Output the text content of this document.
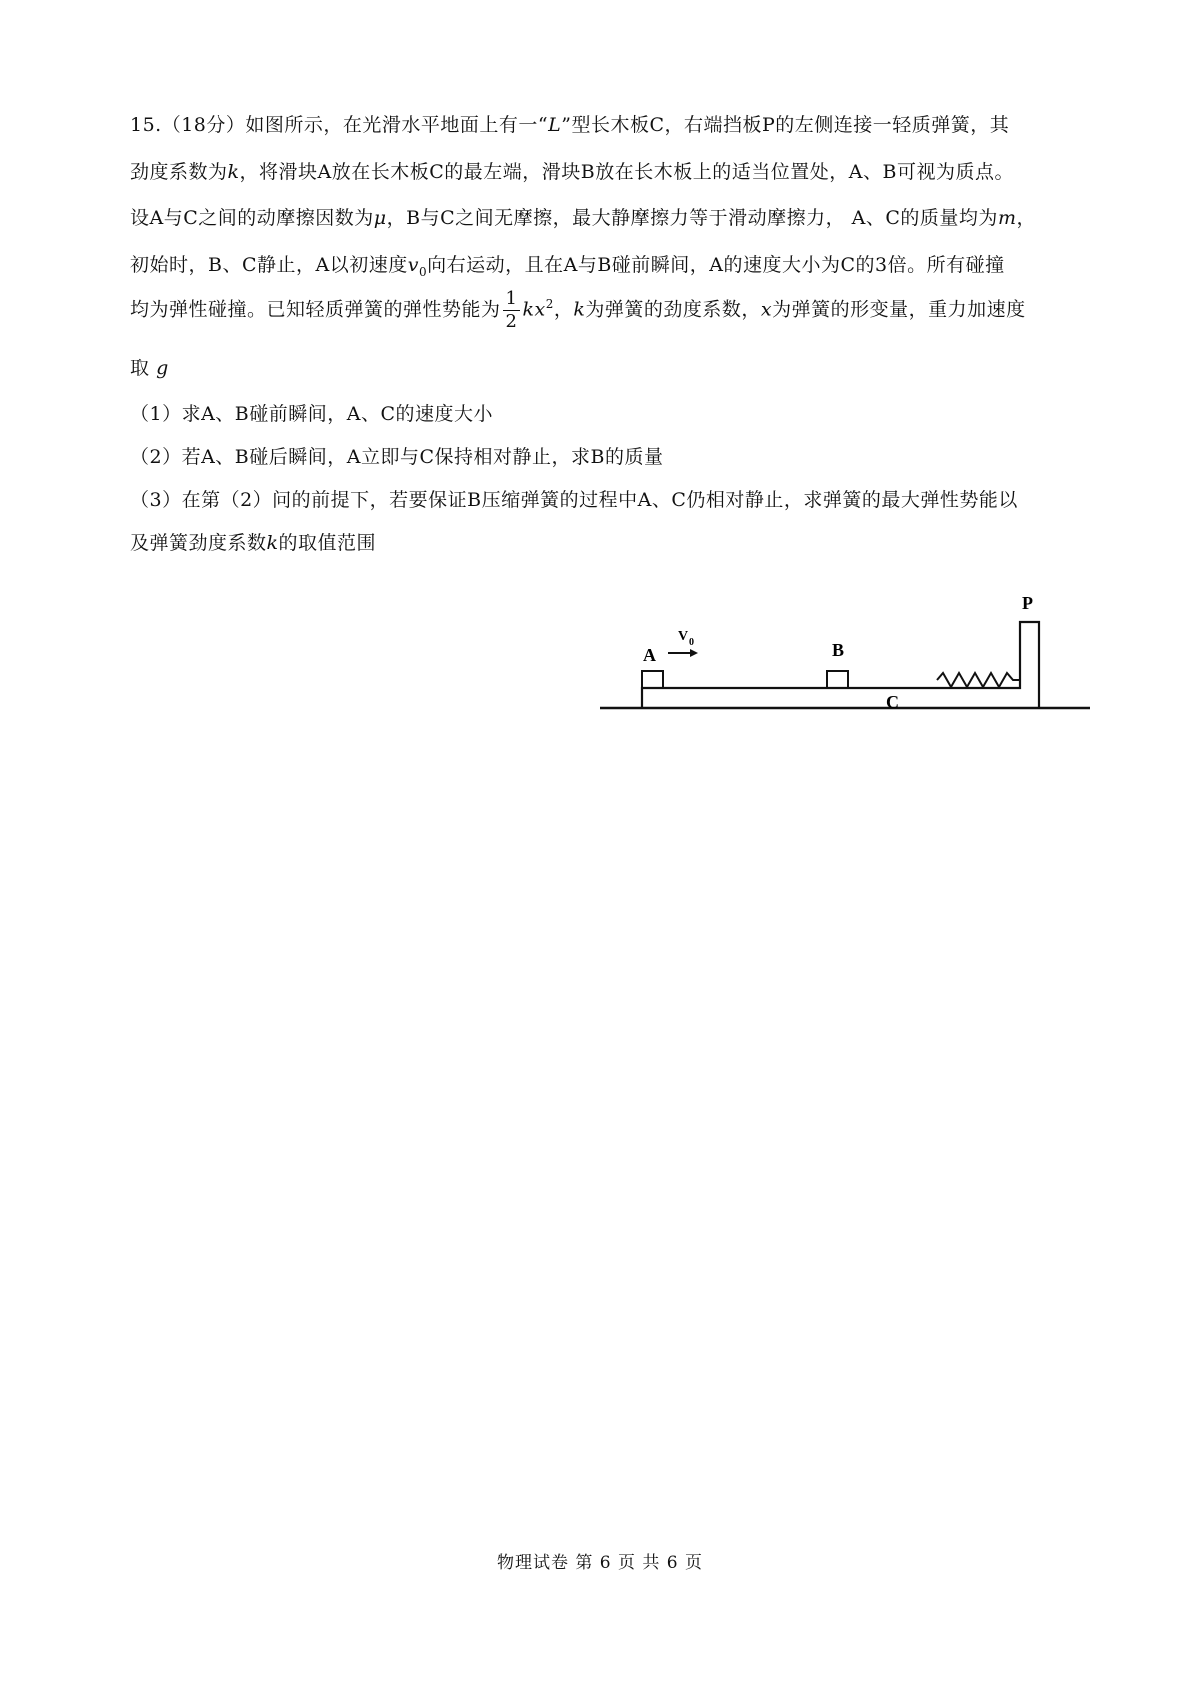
15.（18分）如图所示，在光滑水平地面上有一“L”型长木板C，右端挡板P的左侧连接一轻质弹簧，其
劲度系数为k，将滑块A放在长木板C的最左端，滑块B放在长木板上的适当位置处，A、B可视为质点。
设A与C之间的动摩擦因数为μ，B与C之间无摩擦，最大静摩擦力等于滑动摩擦力， A、C的质量均为m，
初始时，B、C静止，A以初速度$v_0$向右运动，且在A与B碰前瞬间，A的速度大小为C的3倍。所有碰撞
均为弹性碰撞。已知轻质弹簧的弹性势能为 $\frac{1}{2} kx^2$，k为弹簧的劲度系数，x为弹簧的形变量，重力加速度
取 g
（1）求A、B碰前瞬间，A、C的速度大小
（2）若A、B碰后瞬间，A立即与C保持相对静止，求B的质量
（3）在第（2）问的前提下，若要保证B压缩弹簧的过程中A、C仍相对静止，求弹簧的最大弹性势能以
及弹簧劲度系数k的取值范围
A
V 0	B
C
P
物理试卷 第 6 页 共 6 页
